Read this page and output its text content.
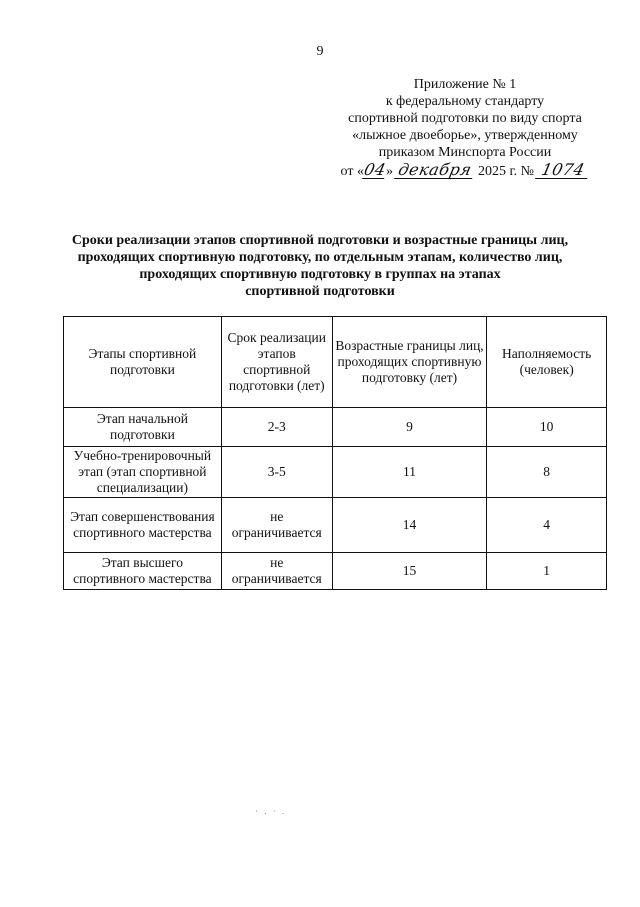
9
Приложение № 1
к федеральному стандарту
спортивной подготовки по виду спорта
«лыжное двоеборье», утвержденному
приказом Минспорта России
от «04» декабря 2025 г. № 1074
Сроки реализации этапов спортивной подготовки и возрастные границы лиц,
проходящих спортивную подготовку, по отдельным этапам, количество лиц,
проходящих спортивную подготовку в группах на этапах
спортивной подготовки
Этапы спортивной подготовки	Срок реализации этапов спортивной подготовки (лет)	Возрастные границы лиц, проходящих спортивную подготовку (лет)	Наполняемость (человек)
Этап начальной подготовки	2-3	9	10
Учебно-тренировочный этап (этап спортивной специализации)	3-5	11	8
Этап совершенствования спортивного мастерства	не ограничивается	14	4
Этап высшего спортивного мастерства	не ограничивается	15	1
· . · .
